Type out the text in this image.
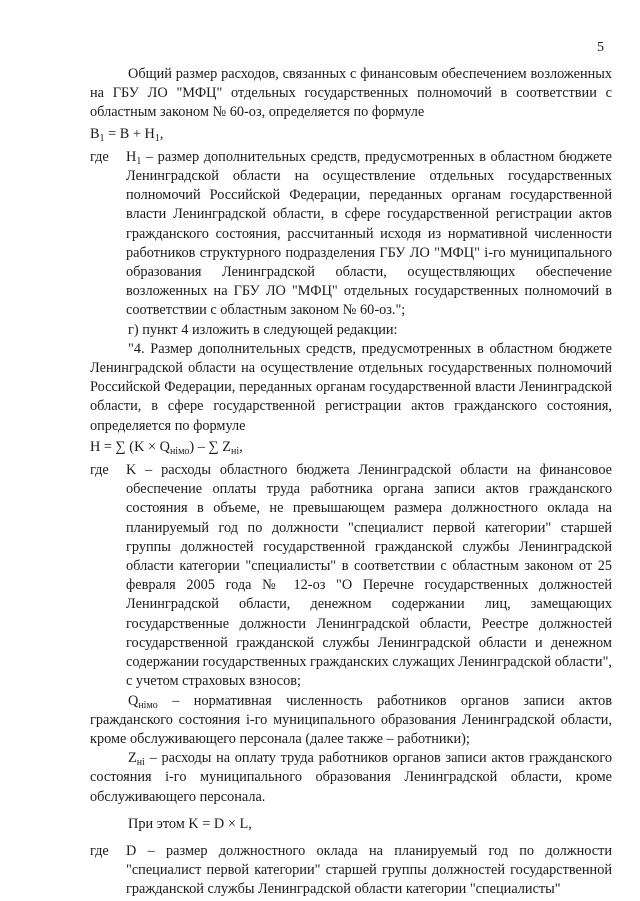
5

Общий размер расходов, связанных с финансовым обеспечением возложенных на ГБУ ЛО "МФЦ" отдельных государственных полномочий в соответствии с областным законом № 60-оз, определяется по формуле

$В_1 = В + Н_1$,

где	$Н_1$ – размер дополнительных средств, предусмотренных в областном бюджете Ленинградской области на осуществление отдельных государственных полномочий Российской Федерации, переданных органам государственной власти Ленинградской области, в сфере государственной регистрации актов гражданского состояния, рассчитанный исходя из нормативной численности работников структурного подразделения ГБУ ЛО "МФЦ" i-го муниципального образования Ленинградской области, осуществляющих обеспечение возложенных на ГБУ ЛО "МФЦ" отдельных государственных полномочий в соответствии с областным законом № 60-оз.";

г) пункт 4 изложить в следующей редакции:

"4. Размер дополнительных средств, предусмотренных в областном бюджете Ленинградской области на осуществление отдельных государственных полномочий Российской Федерации, переданных органам государственной власти Ленинградской области, в сфере государственной регистрации актов гражданского состояния, определяется по формуле

Н = ∑ $(K \times Q_{нiмо})$ – ∑ $Z_{нi}$,

где	K – расходы областного бюджета Ленинградской области на финансовое обеспечение оплаты труда работника органа записи актов гражданского состояния в объеме, не превышающем размера должностного оклада на планируемый год по должности "специалист первой категории" старшей группы должностей государственной гражданской службы Ленинградской области категории "специалисты" в соответствии с областным законом от 25 февраля 2005 года № 12-оз "О Перечне государственных должностей Ленинградской области, денежном содержании лиц, замещающих государственные должности Ленинградской области, Реестре должностей государственной гражданской службы Ленинградской области и денежном содержании государственных гражданских служащих Ленинградской области", с учетом страховых взносов;

$Q_{нiмо}$ – нормативная численность работников органов записи актов гражданского состояния i-го муниципального образования Ленинградской области, кроме обслуживающего персонала (далее также – работники);

$Z_{нi}$ – расходы на оплату труда работников органов записи актов гражданского состояния i-го муниципального образования Ленинградской области, кроме обслуживающего персонала.

При этом K = D × L,

где	D – размер должностного оклада на планируемый год по должности "специалист первой категории" старшей группы должностей государственной гражданской службы Ленинградской области категории "специалисты"
